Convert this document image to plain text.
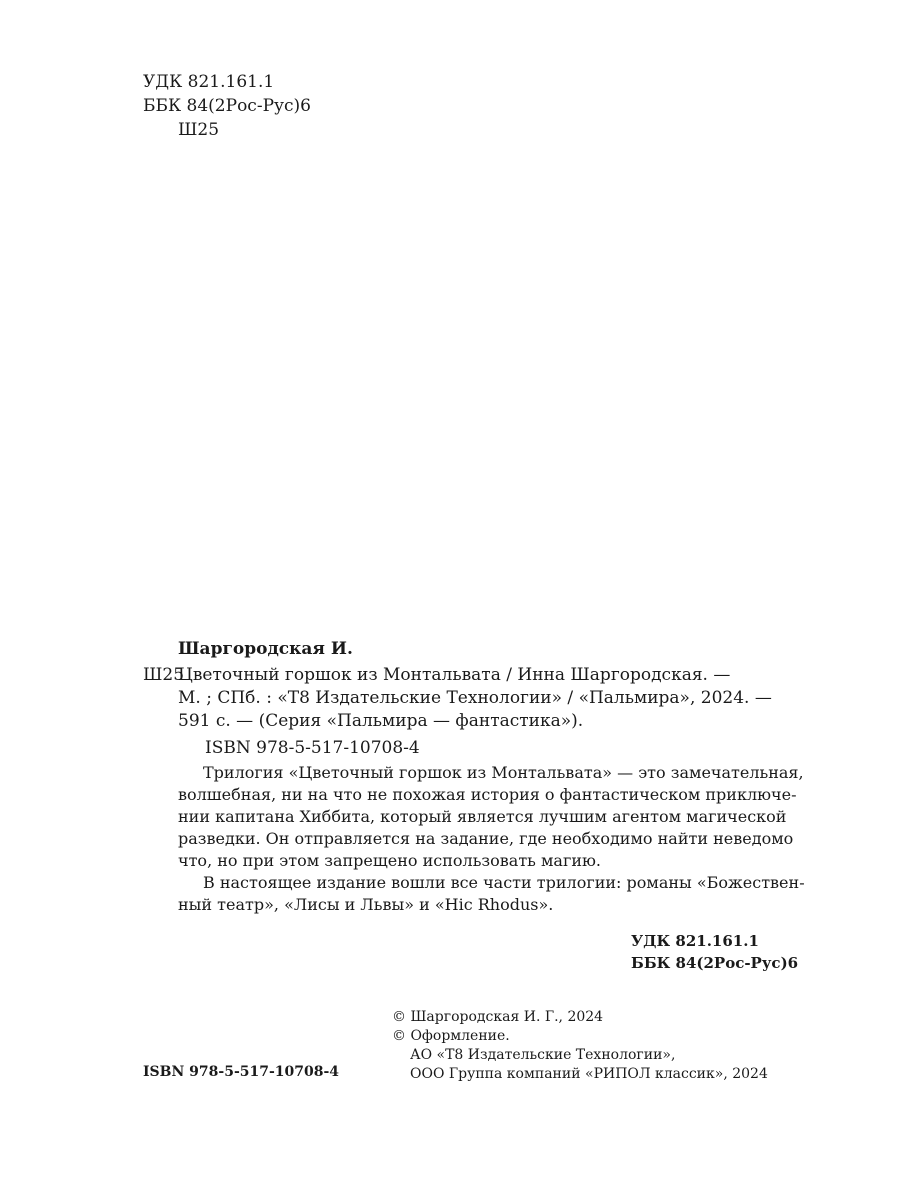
УДК 821.161.1
ББК 84(2Рос-Рус)6
Ш25
Шаргородская И.
Ш25
Цветочный горшок из Монтальвата / Инна Шаргородская. —
М. ; СПб. : «Т8 Издательские Технологии» / «Пальмира», 2024. —
591 с. — (Серия «Пальмира — фантастика»).
ISBN 978-5-517-10708-4

Трилогия «Цветочный горшок из Монтальвата» — это замечательная,

волшебная, ни на что не похожая история о фантастическом приключе-

нии капитана Хиббита, который является лучшим агентом магической

разведки. Он отправляется на задание, где необходимо найти неведомо

что, но при этом запрещено использовать магию.

В настоящее издание вошли все части трилогии: романы «Божествен-

ный театр», «Лисы и Львы» и «Hic Rhodus».

УДК 821.161.1
ББК 84(2Рос-Рус)6
© Шаргородская И. Г., 2024
© Оформление.
АО «Т8 Издательские Технологии»,
ООО Группа компаний «РИПОЛ классик», 2024
ISBN 978-5-517-10708-4
